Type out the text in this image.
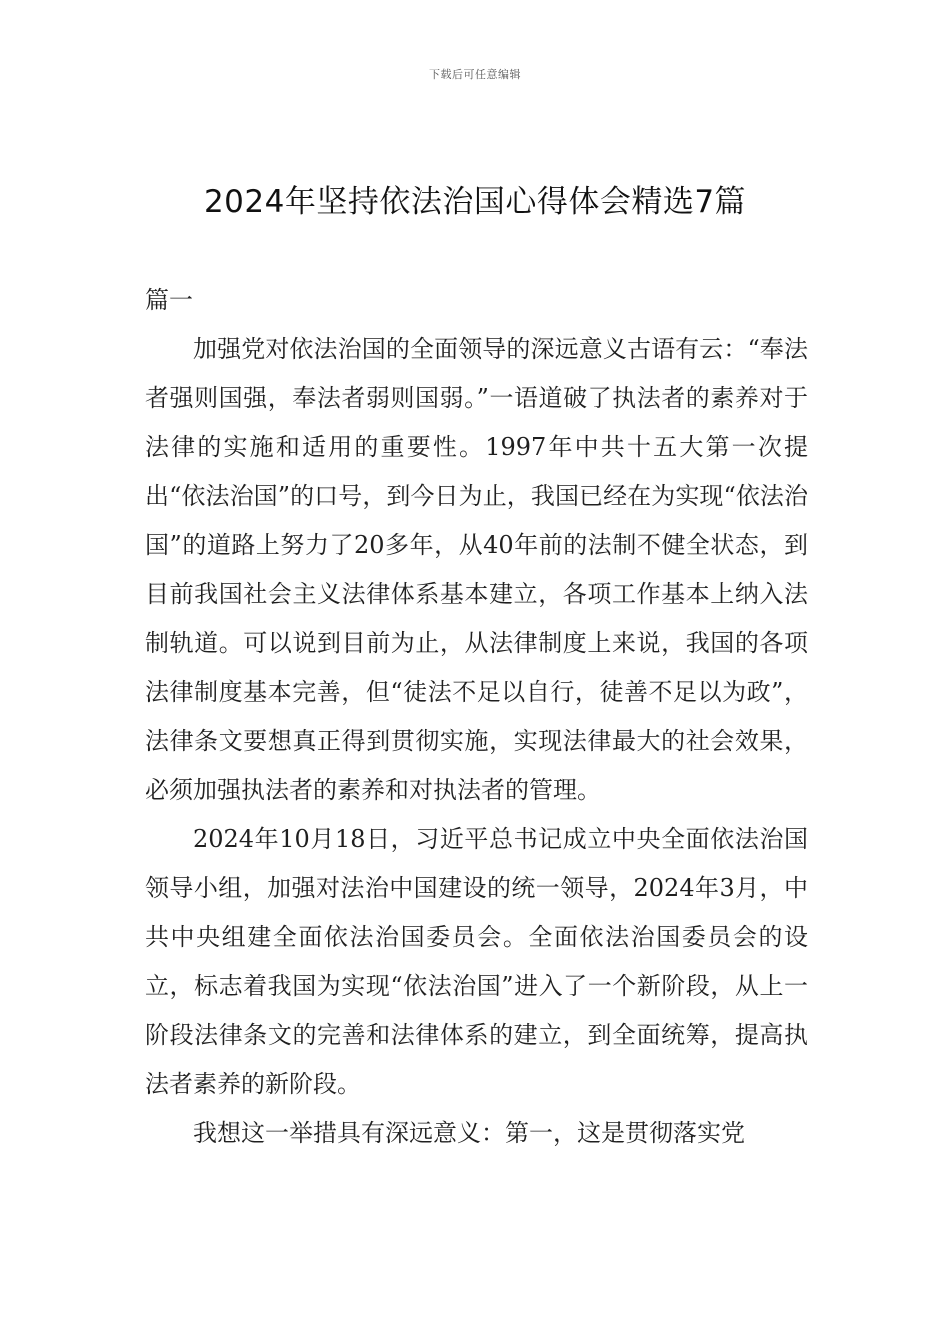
下载后可任意编辑
2024年坚持依法治国心得体会精选7篇
篇一

加强党对依法治国的全面领导的深远意义古语有云：“奉法者强则国强，奉法者弱则国弱。”一语道破了执法者的素养对于法律的实施和适用的重要性。1997年中共十五大第一次提出“依法治国”的口号，到今日为止，我国已经在为实现“依法治国”的道路上努力了20多年，从40年前的法制不健全状态，到目前我国社会主义法律体系基本建立，各项工作基本上纳入法制轨道。可以说到目前为止，从法律制度上来说，我国的各项法律制度基本完善，但“徒法不足以自行，徒善不足以为政”，法律条文要想真正得到贯彻实施，实现法律最大的社会效果，必须加强执法者的素养和对执法者的管理。

2024年10月18日，习近平总书记成立中央全面依法治国领导小组，加强对法治中国建设的统一领导，2024年3月，中共中央组建全面依法治国委员会。全面依法治国委员会的设立，标志着我国为实现“依法治国”进入了一个新阶段，从上一阶段法律条文的完善和法律体系的建立，到全面统筹，提高执法者素养的新阶段。

我想这一举措具有深远意义：第一，这是贯彻落实党
